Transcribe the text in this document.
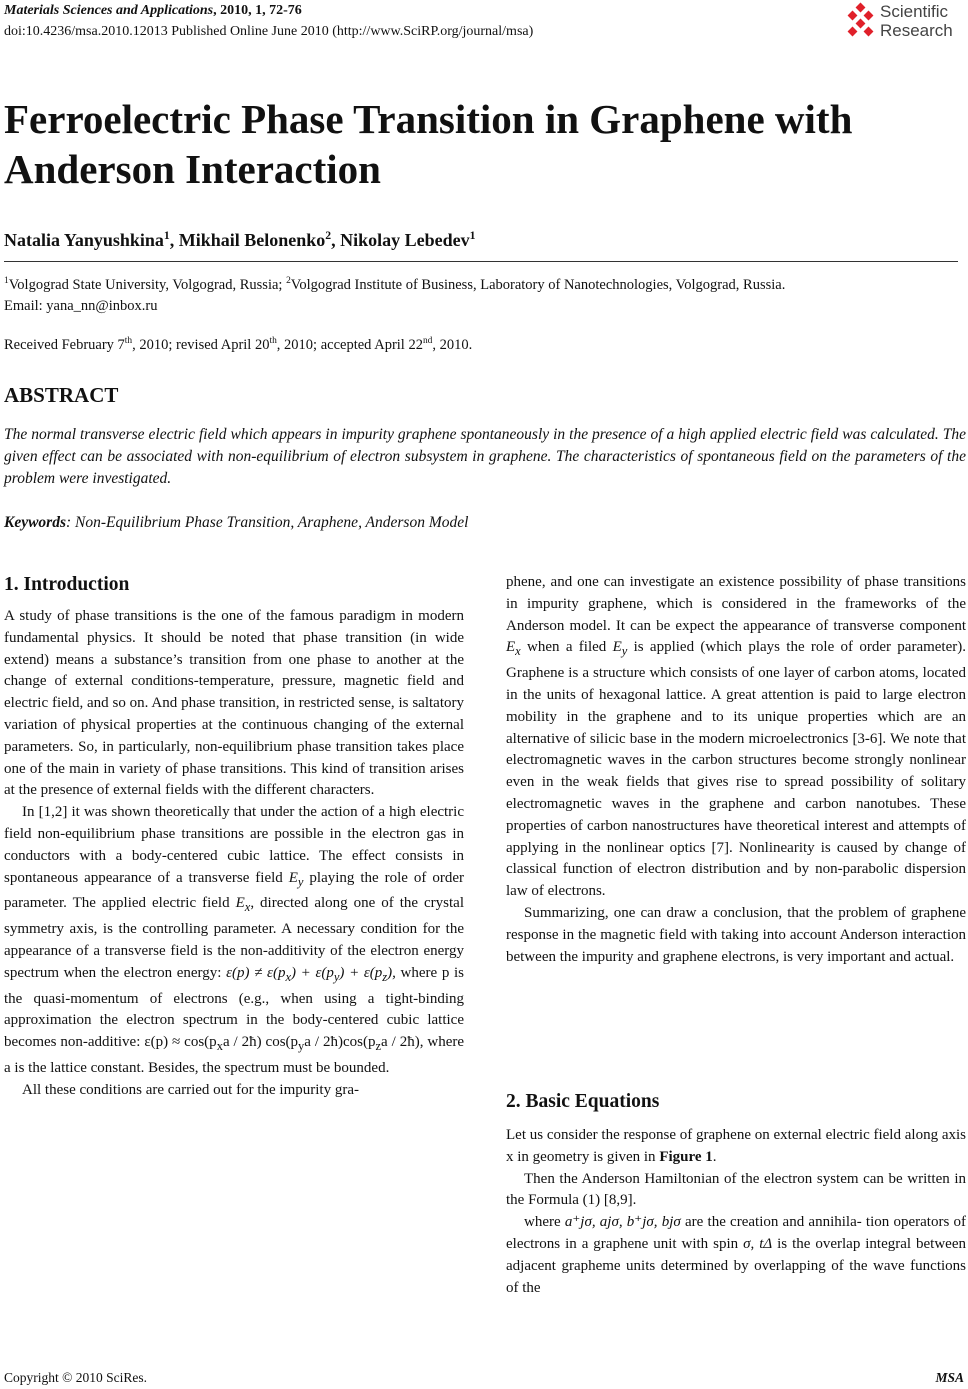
Materials Sciences and Applications, 2010, 1, 72-76
doi:10.4236/msa.2010.12013 Published Online June 2010 (http://www.SciRP.org/journal/msa)
Scientific
Research
Ferroelectric Phase Transition in Graphene with
Anderson Interaction
Natalia Yanyushkina$^1$, Mikhail Belonenko$^2$, Nikolay Lebedev$^1$
$^1$Volgograd State University, Volgograd, Russia; $^2$Volgograd Institute of Business, Laboratory of Nanotechnologies, Volgograd, Russia.
Email: yana_nn@inbox.ru
Received February 7th, 2010; revised April 20th, 2010; accepted April 22nd, 2010.
ABSTRACT
The normal transverse electric field which appears in impurity graphene spontaneously in the presence of a high applied electric field was calculated. The given effect can be associated with non-equilibrium of electron subsystem in graphene. The characteristics of spontaneous field on the parameters of the problem were investigated.
Keywords: Non-Equilibrium Phase Transition, Araphene, Anderson Model
1. Introduction

A study of phase transitions is the one of the famous paradigm in modern fundamental physics. It should be noted that phase transition (in wide extend) means a substance’s transition from one phase to another at the change of external conditions-temperature, pressure, magnetic field and electric field, and so on. And phase transition, in restricted sense, is saltatory variation of physical properties at the continuous changing of the external parameters. So, in particularly, non-equilibrium phase transition takes place one of the main in variety of phase transitions. This kind of transition arises at the presence of external fields with the different characters.

In [1,2] it was shown theoretically that under the action of a high electric field non-equilibrium phase transitions are possible in the electron gas in conductors with a body-centered cubic lattice. The effect consists in spontaneous appearance of a transverse field $E_y$ playing the role of order parameter. The applied electric field $E_x$, directed along one of the crystal symmetry axis, is the controlling parameter. A necessary condition for the appearance of a transverse field is the non-additivity of the electron energy spectrum when the electron energy: $\varepsilon(p) \ne \varepsilon(p_x) + \varepsilon(p_y) + \varepsilon(p_z)$, where p is the quasi-momentum of electrons (e.g., when using a tight-binding approximation the electron spectrum in the body-centered cubic lattice becomes non-additive: $\varepsilon(p) \approx \cos(p_xa$ / 2ħ) $\cos(p_ya$ / $2ħ)\cos(p_za$ / 2ħ), where a is the lattice constant. Besides, the spectrum must be bounded.

All these conditions are carried out for the impurity gra-

phene, and one can investigate an existence possibility of phase transitions in impurity graphene, which is considered in the frameworks of the Anderson model. It can be expect the appearance of transverse component $E_x$ when a filed $E_y$ is applied (which plays the role of order parameter). Graphene is a structure which consists of one layer of carbon atoms, located in the units of hexagonal lattice. A great attention is paid to large electron mobility in the graphene and to its unique properties which are an alternative of silicic base in the modern microelectronics [3-6]. We note that electromagnetic waves in the carbon structures become strongly nonlinear even in the weak fields that gives rise to spread possibility of solitary electromagnetic waves in the graphene and carbon nanotubes. These properties of carbon nanostructures have theoretical interest and attempts of applying in the nonlinear optics [7]. Nonlinearity is caused by change of classical function of electron distribution and by non-parabolic dispersion law of electrons.

Summarizing, one can draw a conclusion, that the problem of graphene response in the magnetic field with taking into account Anderson interaction between the impurity and graphene electrons, is very important and actual.

2. Basic Equations

Let us consider the response of graphene on external electric field along axis x in geometry is given in Figure 1.

Then the Anderson Hamiltonian of the electron system can be written in the Formula (1) [8,9].

where a⁺jσ, ajσ, b⁺jσ, bjσ are the creation and annihila- tion operators of electrons in a graphene unit with spin σ, tΔ is the overlap integral between adjacent grapheme units determined by overlapping of the wave functions of the

Copyright © 2010 SciRes.	MSA
